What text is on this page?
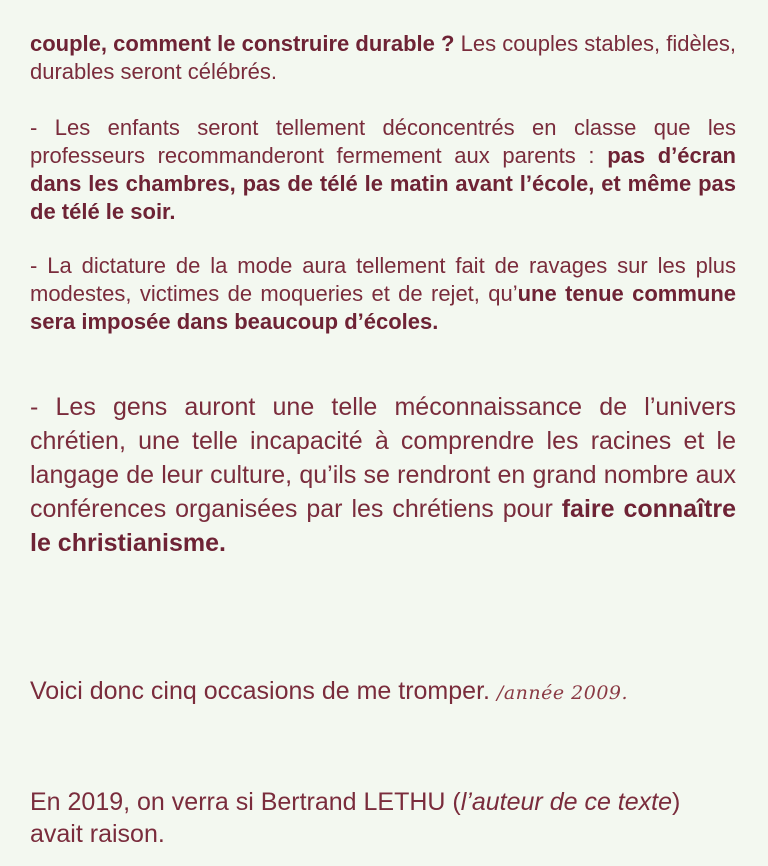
couple, comment le construire durable ? Les couples stables, fidèles, durables seront célébrés.

- Les enfants seront tellement déconcentrés en classe que les professeurs recommanderont fermement aux parents : pas d’écran dans les chambres, pas de télé le matin avant l’école, et même pas de télé le soir.

- La dictature de la mode aura tellement fait de ravages sur les plus modestes, victimes de moqueries et de rejet, qu’une tenue commune sera imposée dans beaucoup d’écoles.

- Les gens auront une telle méconnaissance de l’univers chrétien, une telle incapacité à comprendre les racines et le langage de leur culture, qu’ils se rendront en grand nombre aux conférences organisées par les chrétiens pour faire connaître le christianisme.

Voici donc cinq occasions de me tromper. /année 2009.

En 2019, on verra si Bertrand LETHU (l’auteur de ce texte) avait raison.
